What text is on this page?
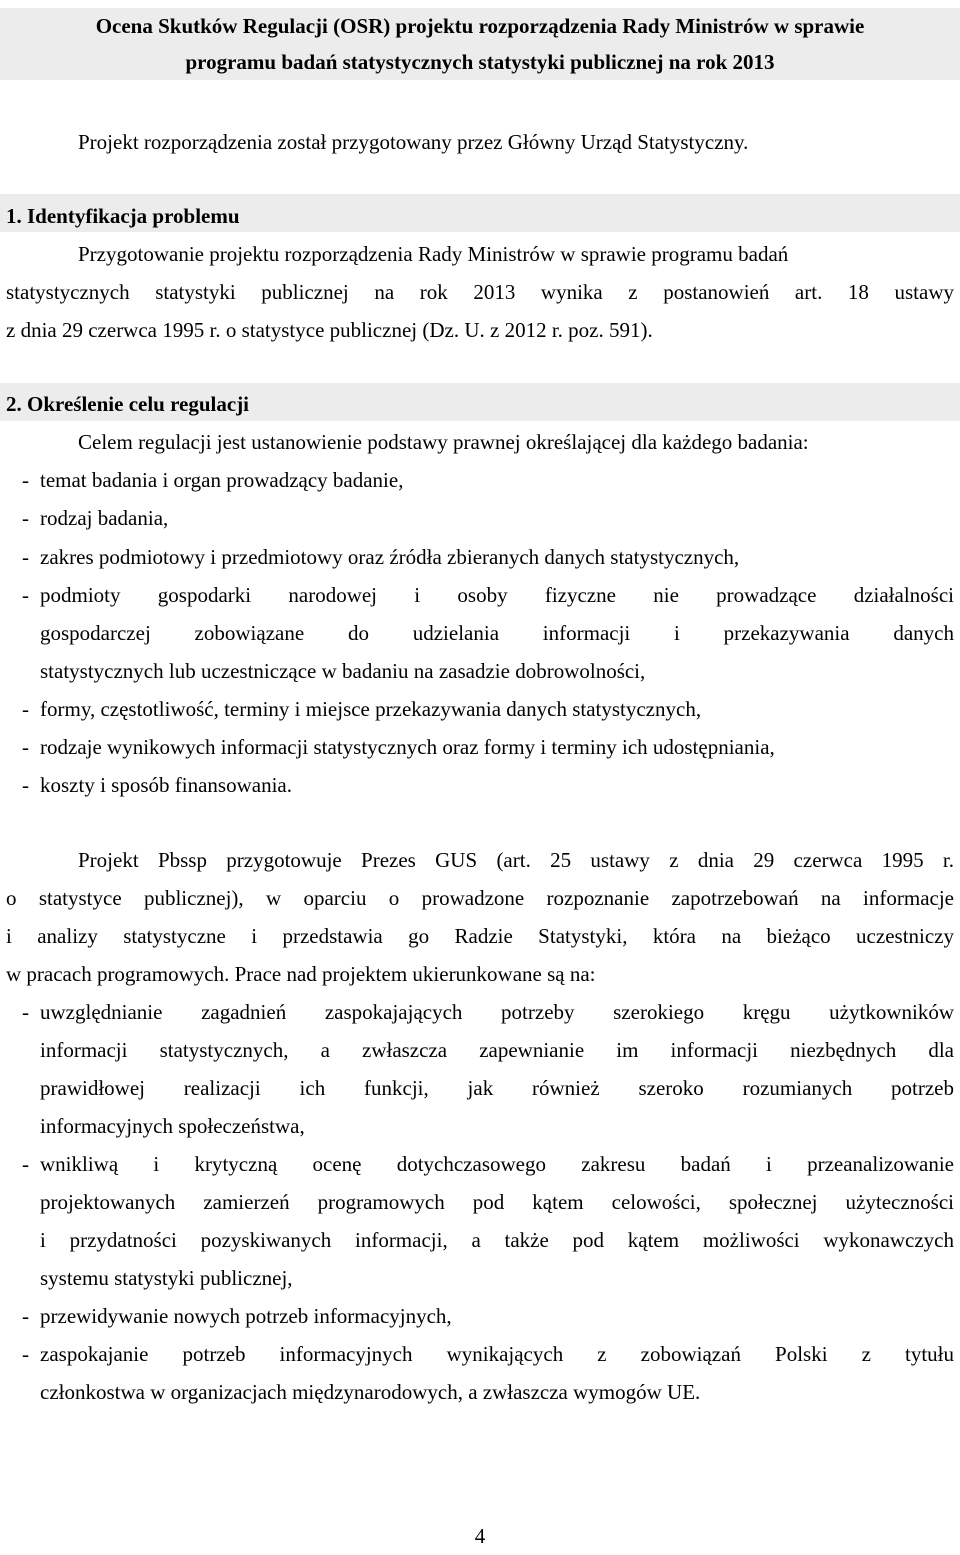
Ocena Skutków Regulacji (OSR) projektu rozporządzenia Rady Ministrów w sprawie
programu badań statystycznych statystyki publicznej na rok 2013
Projekt rozporządzenia został przygotowany przez Główny Urząd Statystyczny.
1. Identyfikacja problemu
Przygotowanie projektu rozporządzenia Rady Ministrów w sprawie programu badań
statystycznych statystyki publicznej na rok 2013 wynika z postanowień art. 18 ustawy
z dnia 29 czerwca 1995 r. o statystyce publicznej (Dz. U. z 2012 r. poz. 591).
2. Określenie celu regulacji
Celem regulacji jest ustanowienie podstawy prawnej określającej dla każdego badania:
- temat badania i organ prowadzący badanie,
- rodzaj badania,
- zakres podmiotowy i przedmiotowy oraz źródła zbieranych danych statystycznych,
- podmioty gospodarki narodowej i osoby fizyczne nie prowadzące działalności
gospodarczej zobowiązane do udzielania informacji i przekazywania danych
statystycznych lub uczestniczące w badaniu na zasadzie dobrowolności,
- formy, częstotliwość, terminy i miejsce przekazywania danych statystycznych,
- rodzaje wynikowych informacji statystycznych oraz formy i terminy ich udostępniania,
- koszty i sposób finansowania.
Projekt Pbssp przygotowuje Prezes GUS (art. 25 ustawy z dnia 29 czerwca 1995 r.
o statystyce publicznej), w oparciu o prowadzone rozpoznanie zapotrzebowań na informacje
i analizy statystyczne i przedstawia go Radzie Statystyki, która na bieżąco uczestniczy
w pracach programowych. Prace nad projektem ukierunkowane są na:
- uwzględnianie zagadnień zaspokajających potrzeby szerokiego kręgu użytkowników
informacji statystycznych, a zwłaszcza zapewnianie im informacji niezbędnych dla
prawidłowej realizacji ich funkcji, jak również szeroko rozumianych potrzeb
informacyjnych społeczeństwa,
- wnikliwą i krytyczną ocenę dotychczasowego zakresu badań i przeanalizowanie
projektowanych zamierzeń programowych pod kątem celowości, społecznej użyteczności
i przydatności pozyskiwanych informacji, a także pod kątem możliwości wykonawczych
systemu statystyki publicznej,
- przewidywanie nowych potrzeb informacyjnych,
- zaspokajanie potrzeb informacyjnych wynikających z zobowiązań Polski z tytułu
członkostwa w organizacjach międzynarodowych, a zwłaszcza wymogów UE.
4
